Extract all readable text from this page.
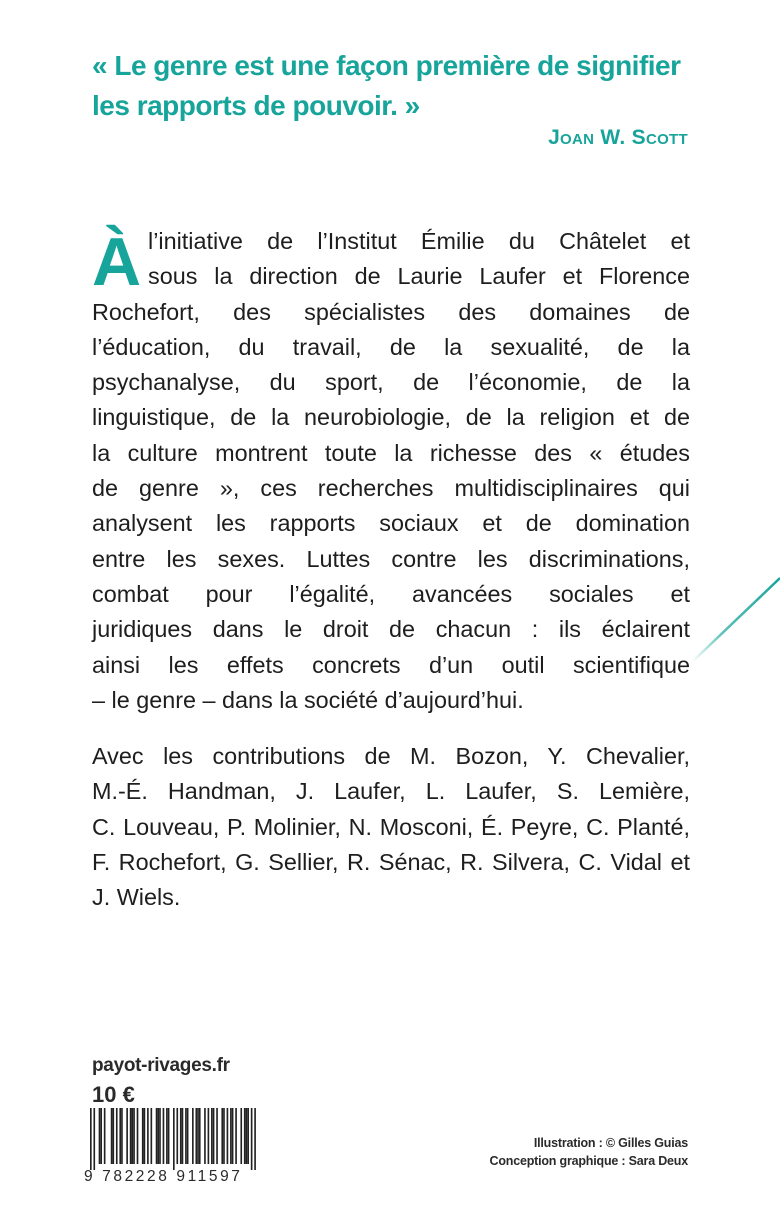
« Le genre est une façon première de signifier
les rapports de pouvoir. »
Joan W. Scott
À l’initiative de l’Institut Émilie du Châtelet et
sous la direction de Laurie Laufer et Florence
Rochefort, des spécialistes des domaines de
l’éducation, du travail, de la sexualité, de la
psychanalyse, du sport, de l’économie, de la
linguistique, de la neurobiologie, de la religion et de
la culture montrent toute la richesse des « études
de genre », ces recherches multidisciplinaires qui
analysent les rapports sociaux et de domination
entre les sexes. Luttes contre les discriminations,
combat pour l’égalité, avancées sociales et
juridiques dans le droit de chacun : ils éclairent
ainsi les effets concrets d’un outil scientifique
– le genre – dans la société d’aujourd’hui.
Avec les contributions de M. Bozon, Y. Chevalier,
M.-É. Handman, J. Laufer, L. Laufer, S. Lemière,
C. Louveau, P. Molinier, N. Mosconi, É. Peyre, C. Planté,
F. Rochefort, G. Sellier, R. Sénac, R. Silvera, C. Vidal et
J. Wiels.
payot-rivages.fr
10 €
9 782228 911597
Illustration : © Gilles Guias
Conception graphique : Sara Deux
